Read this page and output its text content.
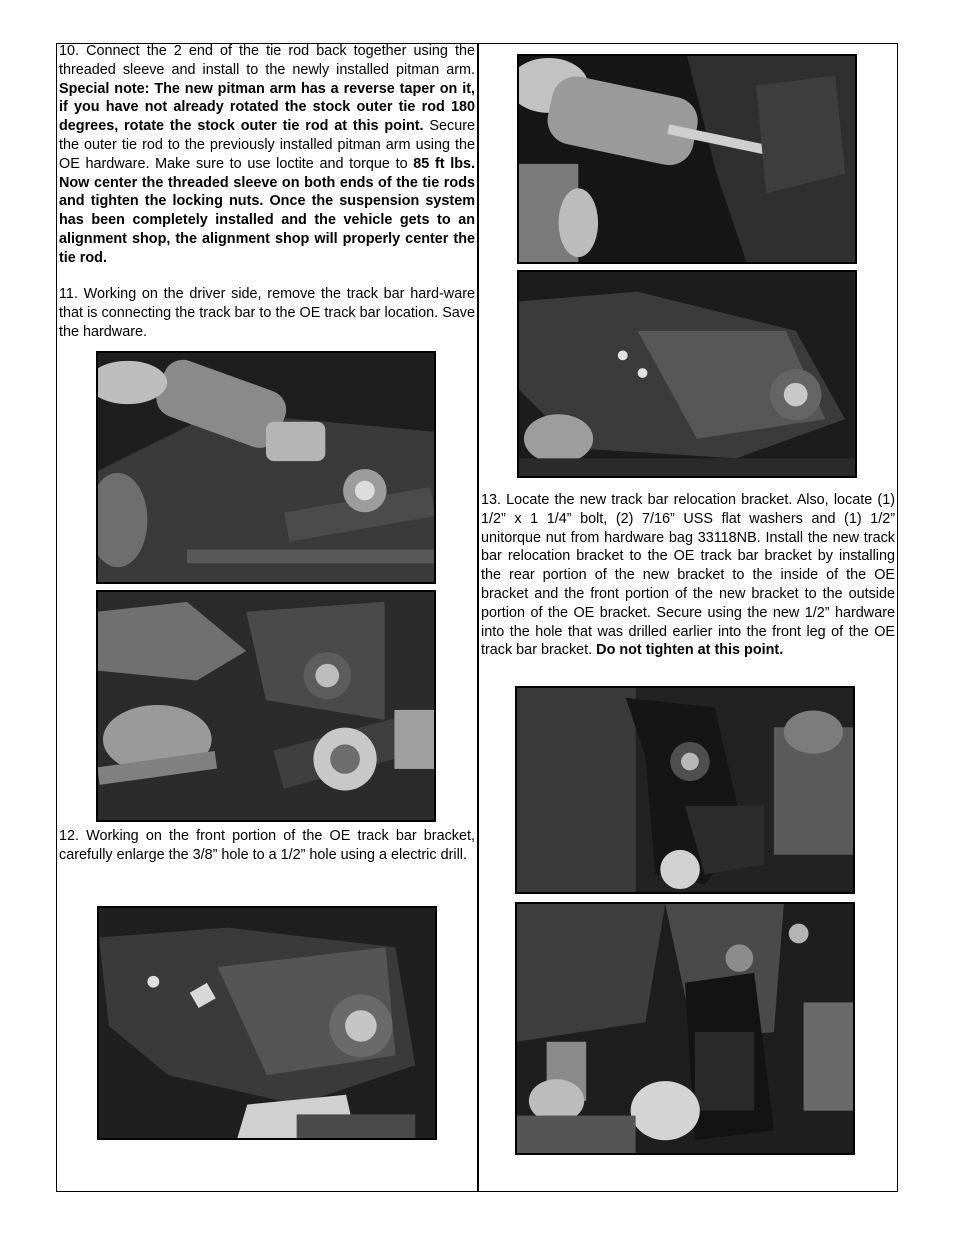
10. Connect the 2 end of the tie rod back together using the threaded sleeve and install to the newly installed pitman arm. Special note: The new pitman arm has a reverse taper on it, if you have not already rotated the stock outer tie rod 180 degrees, rotate the stock outer tie rod at this point. Secure the outer tie rod to the previously installed pitman arm using the OE hardware. Make sure to use loctite and torque to 85 ft lbs. Now center the threaded sleeve on both ends of the tie rods and tighten the locking nuts. Once the suspension system has been completely installed and the vehicle gets to an alignment shop, the alignment shop will properly center the tie rod.

11. Working on the driver side, remove the track bar hard-ware that is connecting the track bar to the OE track bar location. Save the hardware.

12. Working on the front portion of the OE track bar bracket, carefully enlarge the 3/8” hole to a 1/2” hole using a electric drill.

13. Locate the new track bar relocation bracket. Also, locate (1) 1/2” x 1 1/4” bolt, (2) 7/16” USS flat washers and (1) 1/2” unitorque nut from hardware bag 33118NB. Install the new track bar relocation bracket to the OE track bar bracket by installing the rear portion of the new bracket to the inside of the OE bracket and the front portion of the new bracket to the outside portion of the OE bracket. Secure using the new 1/2” hardware into the hole that was drilled earlier into the front leg of the OE track bar bracket. Do not tighten at this point.
